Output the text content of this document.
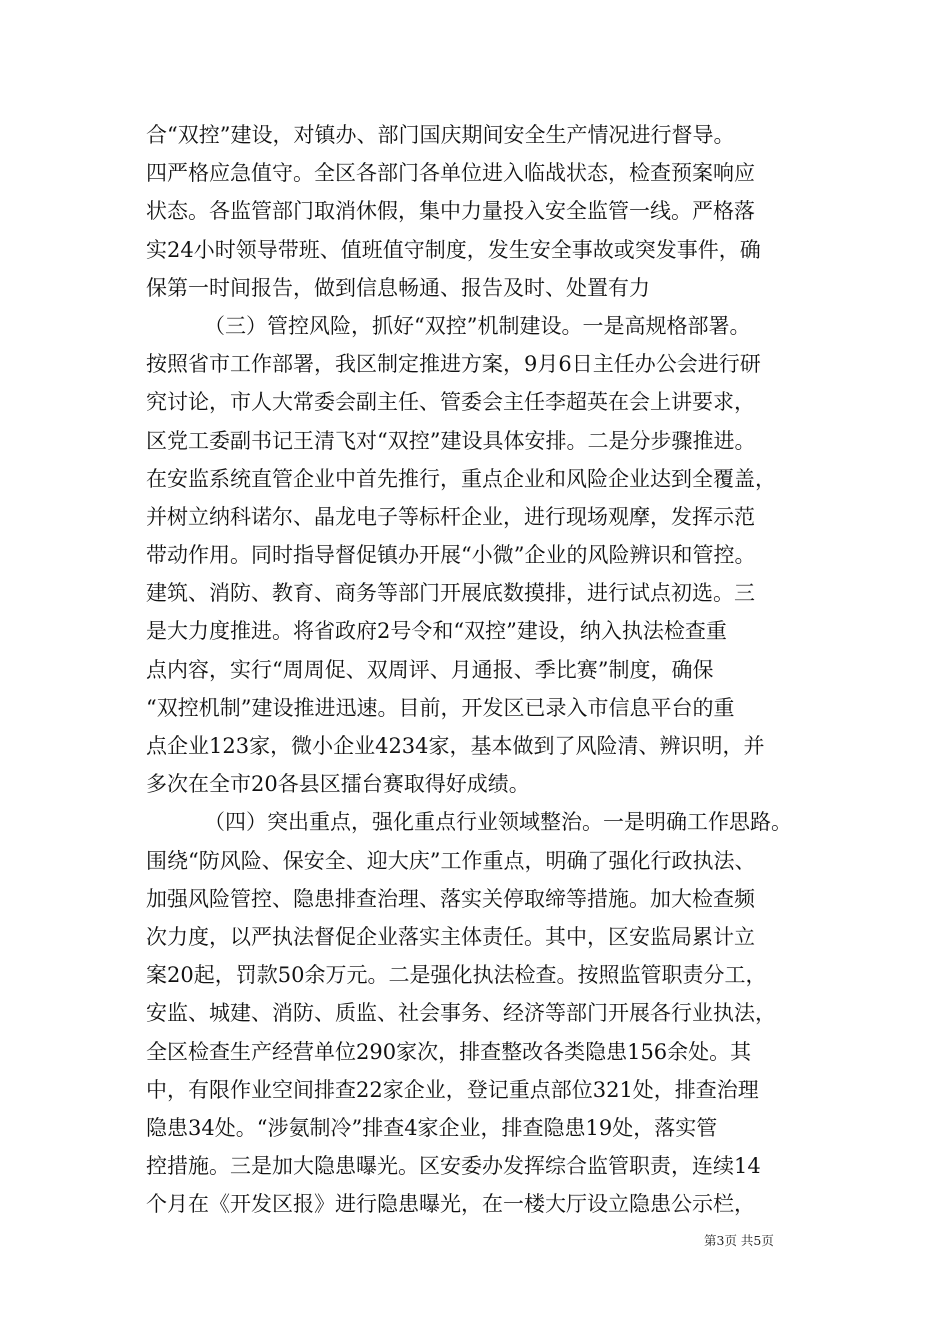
合“双控”建设，对镇办、部门国庆期间安全生产情况进行督导。
四严格应急值守。全区各部门各单位进入临战状态，检查预案响应
状态。各监管部门取消休假，集中力量投入安全监管一线。严格落
实24小时领导带班、值班值守制度，发生安全事故或突发事件，确
保第一时间报告，做到信息畅通、报告及时、处置有力
（三）管控风险，抓好“双控”机制建设。一是高规格部署。
按照省市工作部署，我区制定推进方案，9月6日主任办公会进行研
究讨论，市人大常委会副主任、管委会主任李超英在会上讲要求，
区党工委副书记王清飞对“双控”建设具体安排。二是分步骤推进。
在安监系统直管企业中首先推行，重点企业和风险企业达到全覆盖，
并树立纳科诺尔、晶龙电子等标杆企业，进行现场观摩，发挥示范
带动作用。同时指导督促镇办开展“小微”企业的风险辨识和管控。
建筑、消防、教育、商务等部门开展底数摸排，进行试点初选。三
是大力度推进。将省政府2号令和“双控”建设，纳入执法检查重
点内容，实行“周周促、双周评、月通报、季比赛”制度，确保
“双控机制”建设推进迅速。目前，开发区已录入市信息平台的重
点企业123家，微小企业4234家，基本做到了风险清、辨识明，并
多次在全市20各县区擂台赛取得好成绩。
（四）突出重点，强化重点行业领域整治。一是明确工作思路。
围绕“防风险、保安全、迎大庆”工作重点，明确了强化行政执法、
加强风险管控、隐患排查治理、落实关停取缔等措施。加大检查频
次力度，以严执法督促企业落实主体责任。其中，区安监局累计立
案20起，罚款50余万元。二是强化执法检查。按照监管职责分工，
安监、城建、消防、质监、社会事务、经济等部门开展各行业执法，
全区检查生产经营单位290家次，排查整改各类隐患156余处。其
中，有限作业空间排查22家企业，登记重点部位321处，排查治理
隐患34处。“涉氨制冷”排查4家企业，排查隐患19处，落实管
控措施。三是加大隐患曝光。区安委办发挥综合监管职责，连续14
个月在《开发区报》进行隐患曝光，在一楼大厅设立隐患公示栏，
第3页 共5页
